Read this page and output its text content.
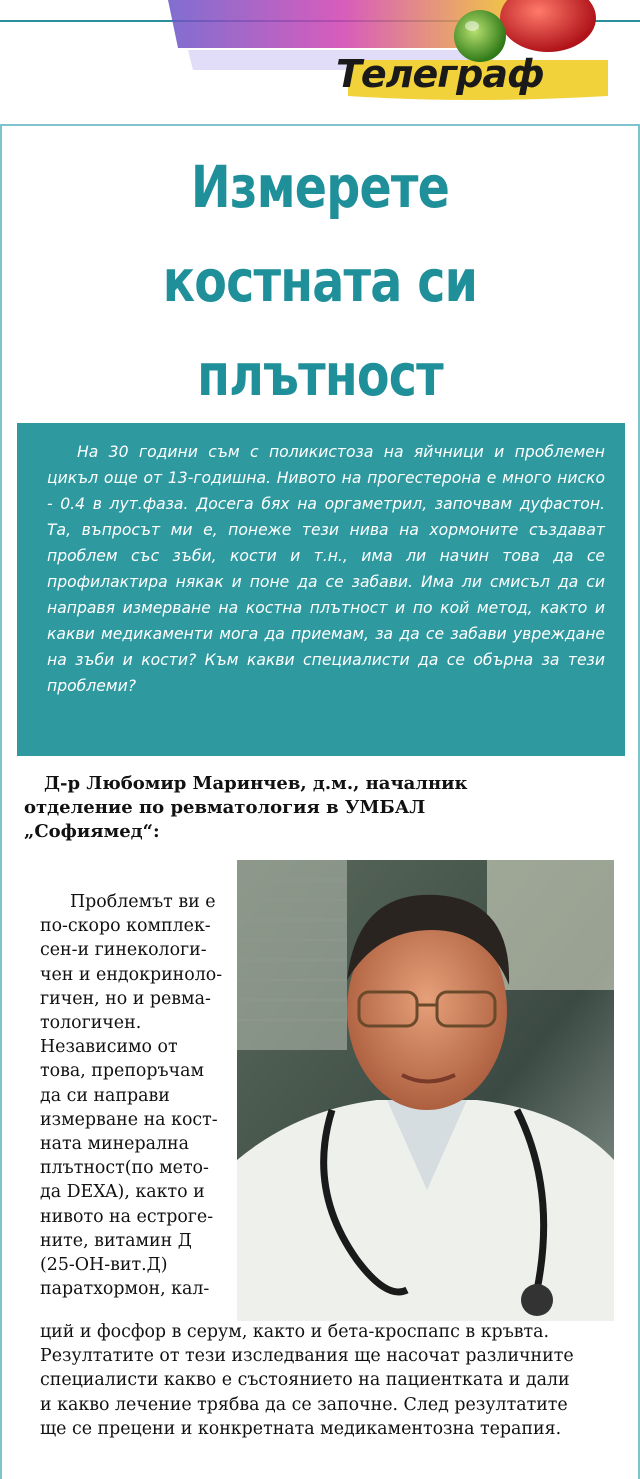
Телеграф
Измерете
костната си
плътност
На 30 години съм с поликистоза на яйчници и проблемен цикъл още от 13-годишна. Нивото на прогестерона е много ниско - 0.4 в лут.фаза. Досега бях на оргаметрил, започвам дуфастон. Та, въпросът ми е, понеже тези нива на хормоните създават проблем със зъби, кости и т.н., има ли начин това да се профилактира някак и поне да се забави. Има ли смисъл да си направя измерване на костна плътност и по кой метод, както и какви медикаменти мога да приемам, за да се забави увреждане на зъби и кости? Към какви специалисти да се обърна за тези проблеми?
Д-р Любомир Маринчев, д.м., началник
отделение по ревматология в УМБАЛ
„Софиямед“:
Проблемът ви е
по-скоро комплек-
сен-и гинекологи-
чен и ендокриноло-
гичен, но и ревма-
тологичен.
Независимо от
това, препоръчам
да си направи
измерване на кост-
ната минерална
плътност(по мето-
да DEXA), както и
нивото на естроге-
ните, витамин Д
(25-ОН-вит.Д)
паратхормон, кал-
ций и фосфор в серум, както и бета-кроспапс в кръвта.
Резултатите от тези изследвания ще насочат различните
специалисти какво е състоянието на пациентката и дали
и какво лечение трябва да се започне. След резултатите
ще се прецени и конкретната медикаментозна терапия.
